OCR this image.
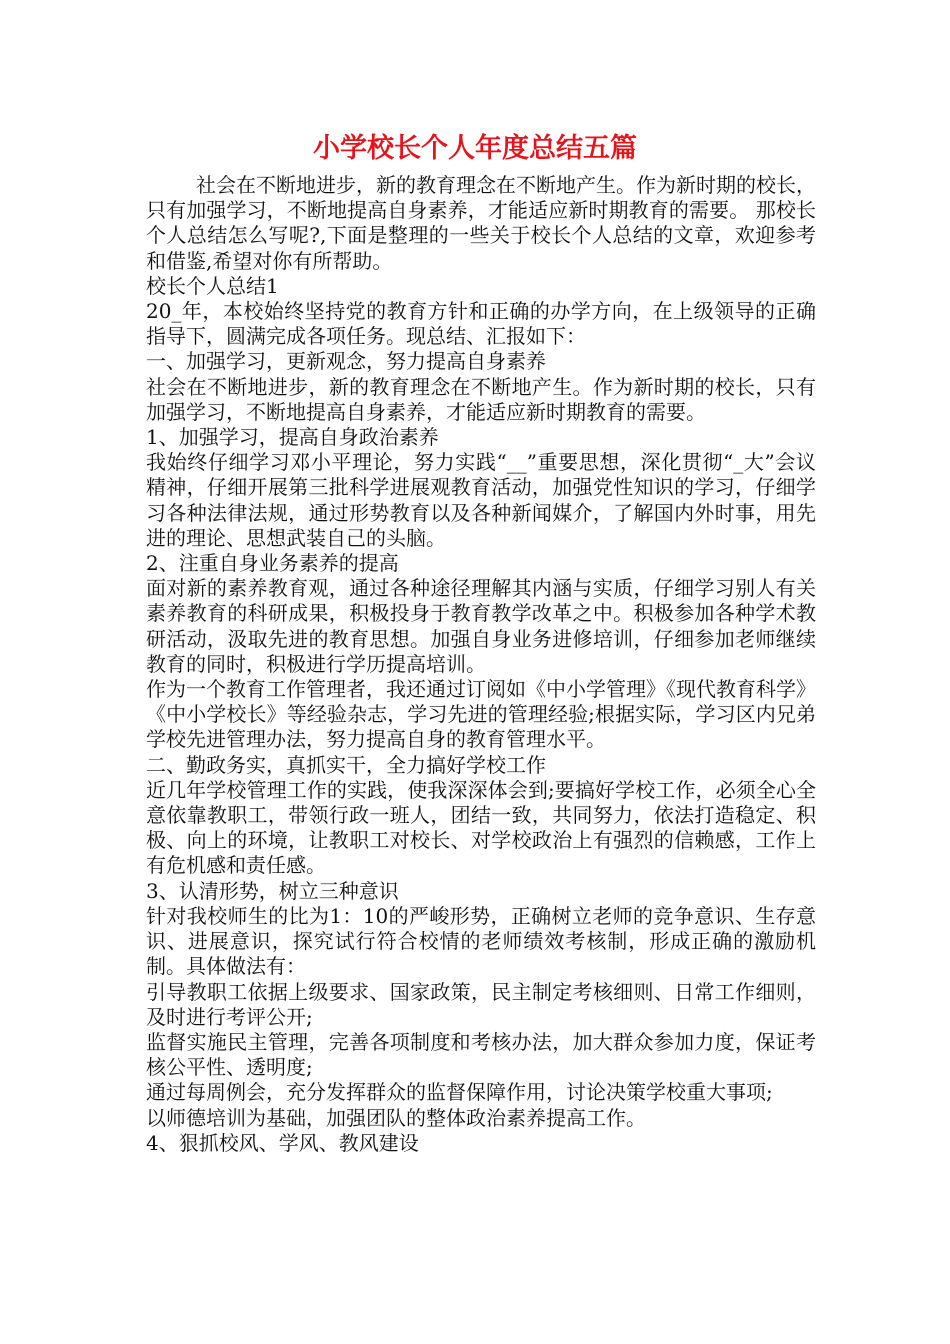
小学校长个人年度总结五篇

社会在不断地进步，新的教育理念在不断地产生。作为新时期的校长，只有加强学习，不断地提高自身素养，才能适应新时期教育的需要。 那校长个人总结怎么写呢?,下面是整理的一些关于校长个人总结的文章，欢迎参考和借鉴,希望对你有所帮助。

校长个人总结1

20_年，本校始终坚持党的教育方针和正确的办学方向，在上级领导的正确指导下，圆满完成各项任务。现总结、汇报如下：

一、加强学习，更新观念，努力提高自身素养

社会在不断地进步，新的教育理念在不断地产生。作为新时期的校长，只有加强学习，不断地提高自身素养，才能适应新时期教育的需要。

1、加强学习，提高自身政治素养

我始终仔细学习邓小平理论，努力实践“__”重要思想，深化贯彻“_大”会议精神，仔细开展第三批科学进展观教育活动，加强党性知识的学习，仔细学习各种法律法规，通过形势教育以及各种新闻媒介，了解国内外时事，用先进的理论、思想武装自己的头脑。

2、注重自身业务素养的提高

面对新的素养教育观，通过各种途径理解其内涵与实质，仔细学习别人有关素养教育的科研成果，积极投身于教育教学改革之中。积极参加各种学术教研活动，汲取先进的教育思想。加强自身业务进修培训，仔细参加老师继续教育的同时，积极进行学历提高培训。

作为一个教育工作管理者，我还通过订阅如《中小学管理》《现代教育科学》《中小学校长》等经验杂志，学习先进的管理经验;根据实际，学习区内兄弟学校先进管理办法，努力提高自身的教育管理水平。

二、勤政务实，真抓实干，全力搞好学校工作

近几年学校管理工作的实践，使我深深体会到;要搞好学校工作，必须全心全意依靠教职工，带领行政一班人，团结一致，共同努力，依法打造稳定、积极、向上的环境，让教职工对校长、对学校政治上有强烈的信赖感，工作上有危机感和责任感。

3、认清形势，树立三种意识

针对我校师生的比为1：10的严峻形势，正确树立老师的竞争意识、生存意识、进展意识，探究试行符合校情的老师绩效考核制，形成正确的激励机制。具体做法有：

引导教职工依据上级要求、国家政策，民主制定考核细则、日常工作细则，及时进行考评公开;

监督实施民主管理，完善各项制度和考核办法，加大群众参加力度，保证考核公平性、透明度;

通过每周例会，充分发挥群众的监督保障作用，讨论决策学校重大事项;

以师德培训为基础，加强团队的整体政治素养提高工作。

4、狠抓校风、学风、教风建设
